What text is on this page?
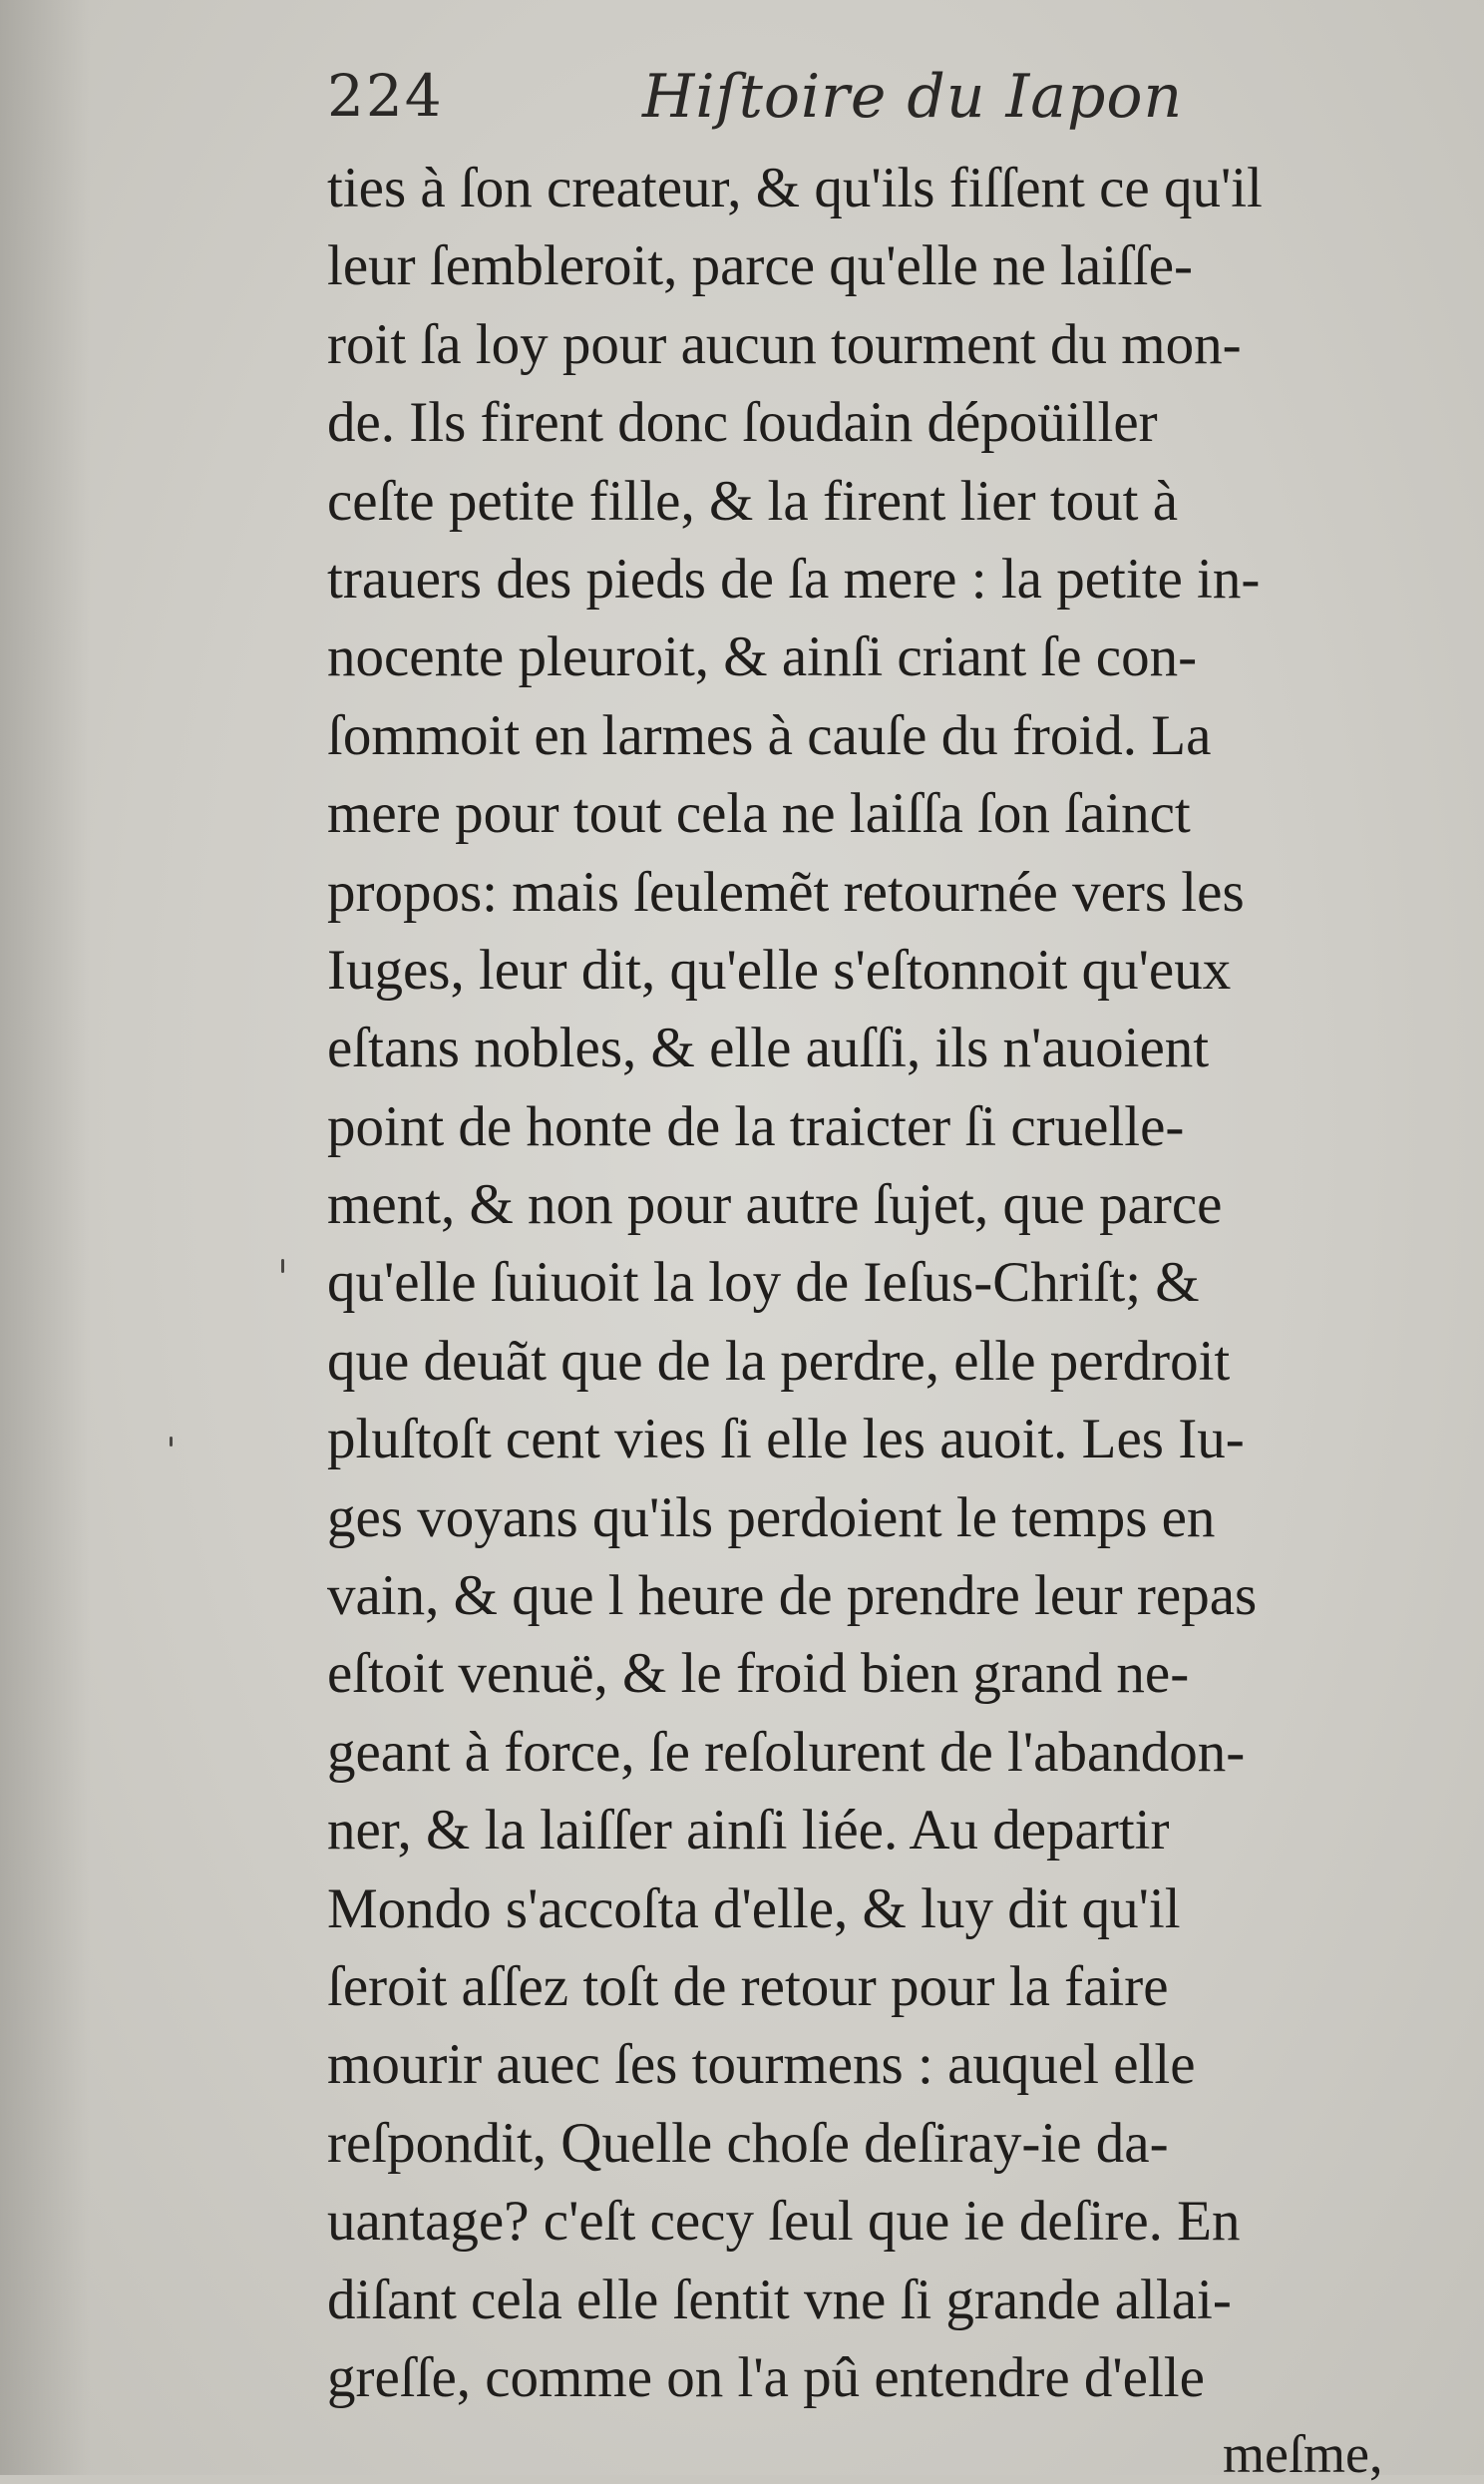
224	Hiſtoire du Iapon
ties à ſon createur, & qu'ils fiſſent ce qu'il
leur ſembleroit, parce qu'elle ne laiſſe-
roit ſa loy pour aucun tourment du mon-
de. Ils firent donc ſoudain dépoüiller
ceſte petite fille, & la firent lier tout à
trauers des pieds de ſa mere : la petite in-
nocente pleuroit, & ainſi criant ſe con-
ſommoit en larmes à cauſe du froid. La
mere pour tout cela ne laiſſa ſon ſainct
propos: mais ſeulemẽt retournée vers les
Iuges, leur dit, qu'elle s'eſtonnoit qu'eux
eſtans nobles, & elle auſſi, ils n'auoient
point de honte de la traicter ſi cruelle-
ment, & non pour autre ſujet, que parce
qu'elle ſuiuoit la loy de Ieſus-Chriſt; &
que deuãt que de la perdre, elle perdroit
pluſtoſt cent vies ſi elle les auoit. Les Iu-
ges voyans qu'ils perdoient le temps en
vain, & que l heure de prendre leur repas
eſtoit venuë, & le froid bien grand ne-
geant à force, ſe reſolurent de l'abandon-
ner, & la laiſſer ainſi liée. Au departir
Mondo s'accoſta d'elle, & luy dit qu'il
ſeroit aſſez toſt de retour pour la faire
mourir auec ſes tourmens : auquel elle
reſpondit, Quelle choſe deſiray-ie da-
uantage? c'eſt cecy ſeul que ie deſire. En
diſant cela elle ſentit vne ſi grande allai-
greſſe, comme on l'a pû entendre d'elle
meſme,
